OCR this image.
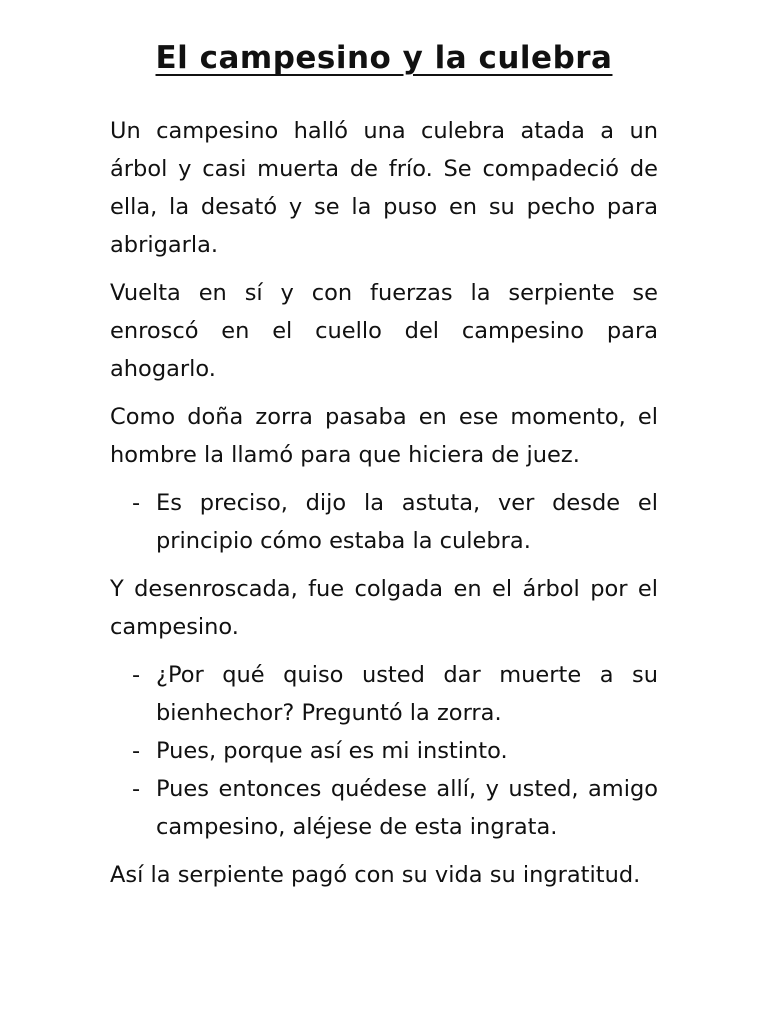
El campesino y la culebra

Un campesino halló una culebra atada a un árbol y casi muerta de frío. Se compadeció de ella, la desató y se la puso en su pecho para abrigarla.

Vuelta en sí y con fuerzas la serpiente se enroscó en el cuello del campesino para ahogarlo.

Como doña zorra pasaba en ese momento, el hombre la llamó para que hiciera de juez.

- Es preciso, dijo la astuta, ver desde el principio cómo estaba la culebra.

Y desenroscada, fue colgada en el árbol por el campesino.

- ¿Por qué quiso usted dar muerte a su bienhechor? Preguntó la zorra.
- Pues, porque así es mi instinto.
- Pues entonces quédese allí, y usted, amigo campesino, aléjese de esta ingrata.

Así la serpiente pagó con su vida su ingratitud.
